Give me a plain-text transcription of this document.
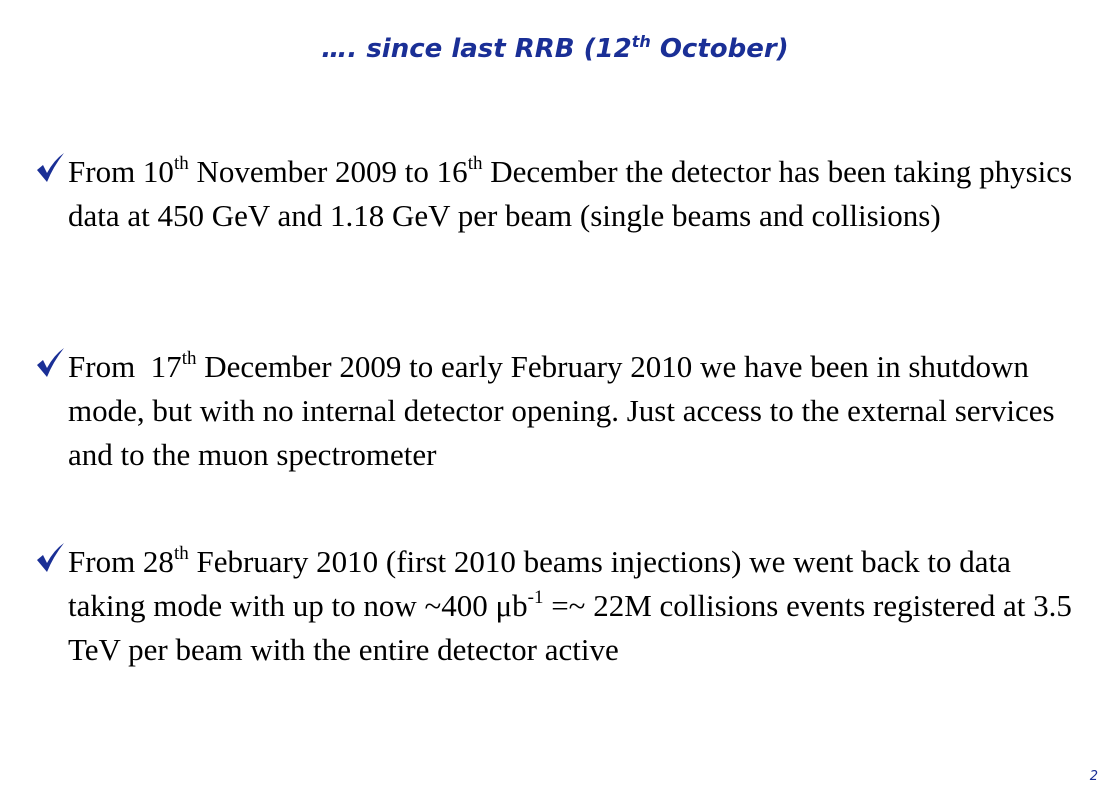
…. since last RRB (12th October)
From 10th November 2009 to 16th December the detector has been taking physics data at 450 GeV and 1.18 GeV per beam (single beams and collisions)
From  17th December 2009 to early February 2010 we have been in shutdown mode, but with no internal detector opening. Just access to the external services and to the muon spectrometer
From 28th February 2010 (first 2010 beams injections) we went back to data taking mode with up to now ~400 $\mu b^{-1}$ =~ 22M collisions events registered at 3.5 TeV per beam with the entire detector active
2
